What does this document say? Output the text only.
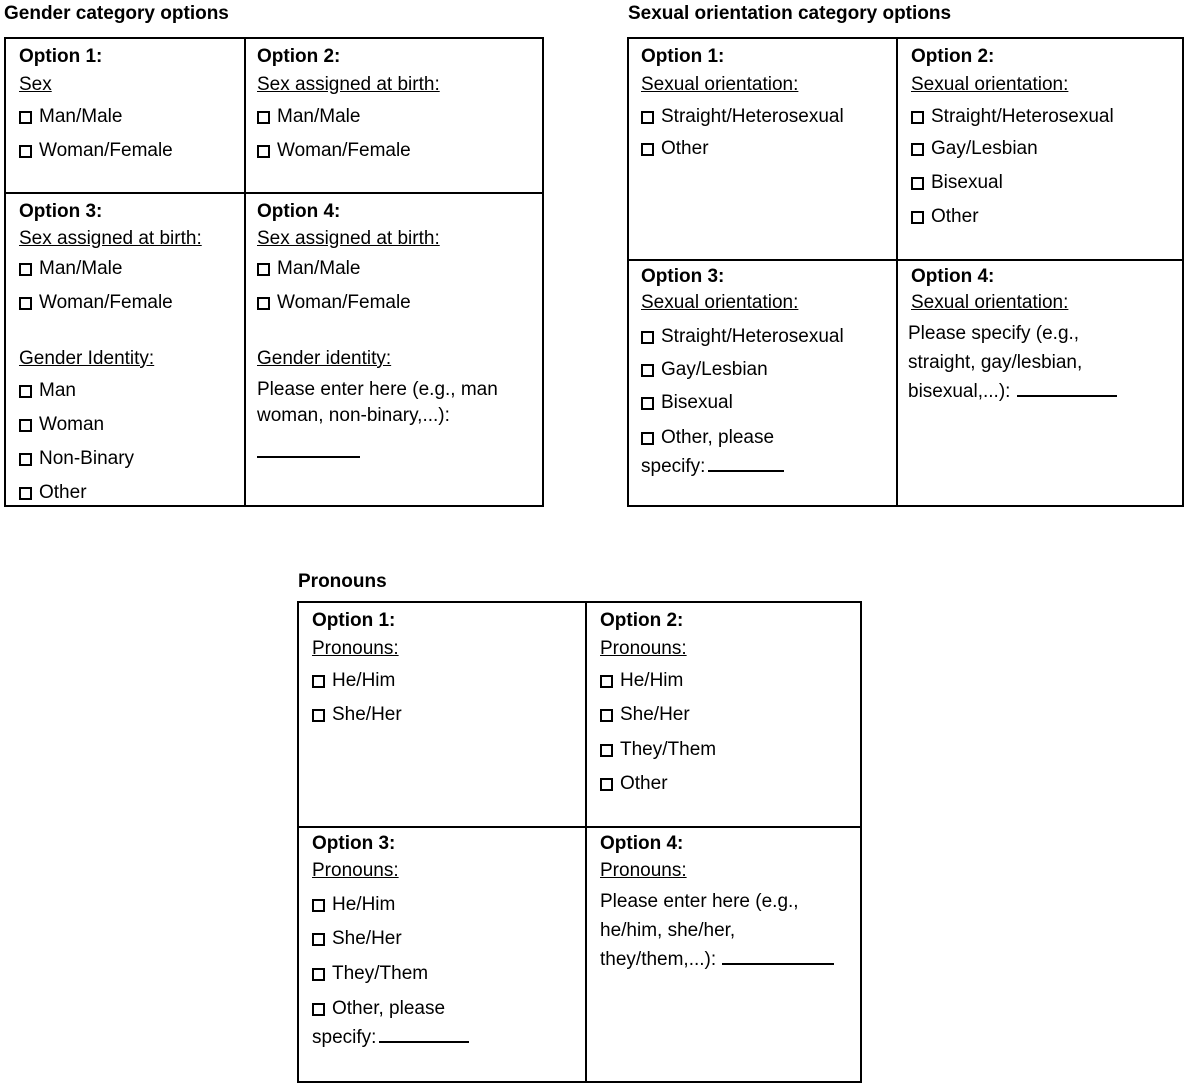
Gender category options
Option 1:
Sex
Man/Male
Woman/Female
Option 2:
Sex assigned at birth:
Man/Male
Woman/Female
Option 3:
Sex assigned at birth:
Man/Male
Woman/Female
Gender Identity:
Man
Woman
Non-Binary
Other
Option 4:
Sex assigned at birth:
Man/Male
Woman/Female
Gender identity:
Please enter here (e.g., man
woman, non-binary,...):
Sexual orientation category options
Option 1:
Sexual orientation:
Straight/Heterosexual
Other
Option 2:
Sexual orientation:
Straight/Heterosexual
Gay/Lesbian
Bisexual
Other
Option 3:
Sexual orientation:
Straight/Heterosexual
Gay/Lesbian
Bisexual
Other, please
specify:
Option 4:
Sexual orientation:
Please specify (e.g.,
straight, gay/lesbian,
bisexual,...):
Pronouns
Option 1:
Pronouns:
He/Him
She/Her
Option 2:
Pronouns:
He/Him
She/Her
They/Them
Other
Option 3:
Pronouns:
He/Him
She/Her
They/Them
Other, please
specify:
Option 4:
Pronouns:
Please enter here (e.g.,
he/him, she/her,
they/them,...):
